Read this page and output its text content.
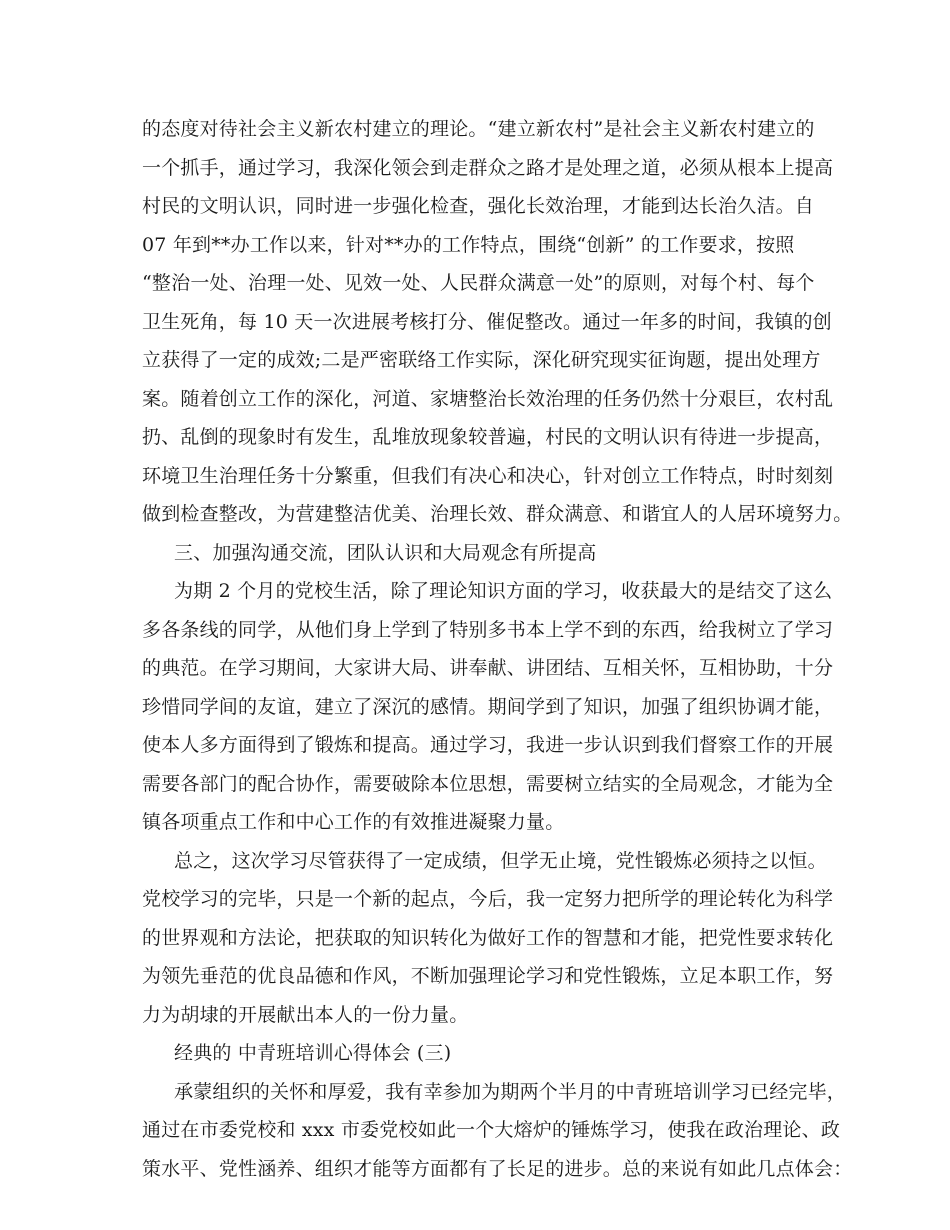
的态度对待社会主义新农村建立的理论。“建立新农村”是社会主义新农村建立的
一个抓手，通过学习，我深化领会到走群众之路才是处理之道，必须从根本上提高
村民的文明认识，同时进一步强化检查，强化长效治理，才能到达长治久洁。自
07 年到**办工作以来，针对**办的工作特点，围绕“创新” 的工作要求，按照
“整治一处、治理一处、见效一处、人民群众满意一处”的原则，对每个村、每个
卫生死角，每 10 天一次进展考核打分、催促整改。通过一年多的时间，我镇的创
立获得了一定的成效;二是严密联络工作实际，深化研究现实征询题，提出处理方
案。随着创立工作的深化，河道、家塘整治长效治理的任务仍然十分艰巨，农村乱
扔、乱倒的现象时有发生，乱堆放现象较普遍，村民的文明认识有待进一步提高，
环境卫生治理任务十分繁重，但我们有决心和决心，针对创立工作特点，时时刻刻
做到检查整改，为营建整洁优美、治理长效、群众满意、和谐宜人的人居环境努力。
三、加强沟通交流，团队认识和大局观念有所提高
为期 2 个月的党校生活，除了理论知识方面的学习，收获最大的是结交了这么
多各条线的同学，从他们身上学到了特别多书本上学不到的东西，给我树立了学习
的典范。在学习期间，大家讲大局、讲奉献、讲团结、互相关怀，互相协助，十分
珍惜同学间的友谊，建立了深沉的感情。期间学到了知识，加强了组织协调才能，
使本人多方面得到了锻炼和提高。通过学习，我进一步认识到我们督察工作的开展
需要各部门的配合协作，需要破除本位思想，需要树立结实的全局观念，才能为全
镇各项重点工作和中心工作的有效推进凝聚力量。
总之，这次学习尽管获得了一定成绩，但学无止境，党性锻炼必须持之以恒。
党校学习的完毕，只是一个新的起点，今后，我一定努力把所学的理论转化为科学
的世界观和方法论，把获取的知识转化为做好工作的智慧和才能，把党性要求转化
为领先垂范的优良品德和作风，不断加强理论学习和党性锻炼，立足本职工作，努
力为胡埭的开展献出本人的一份力量。
经典的 中青班培训心得体会 (三)
承蒙组织的关怀和厚爱，我有幸参加为期两个半月的中青班培训学习已经完毕，
通过在市委党校和 xxx 市委党校如此一个大熔炉的锤炼学习，使我在政治理论、政
策水平、党性涵养、组织才能等方面都有了长足的进步。总的来说有如此几点体会：
